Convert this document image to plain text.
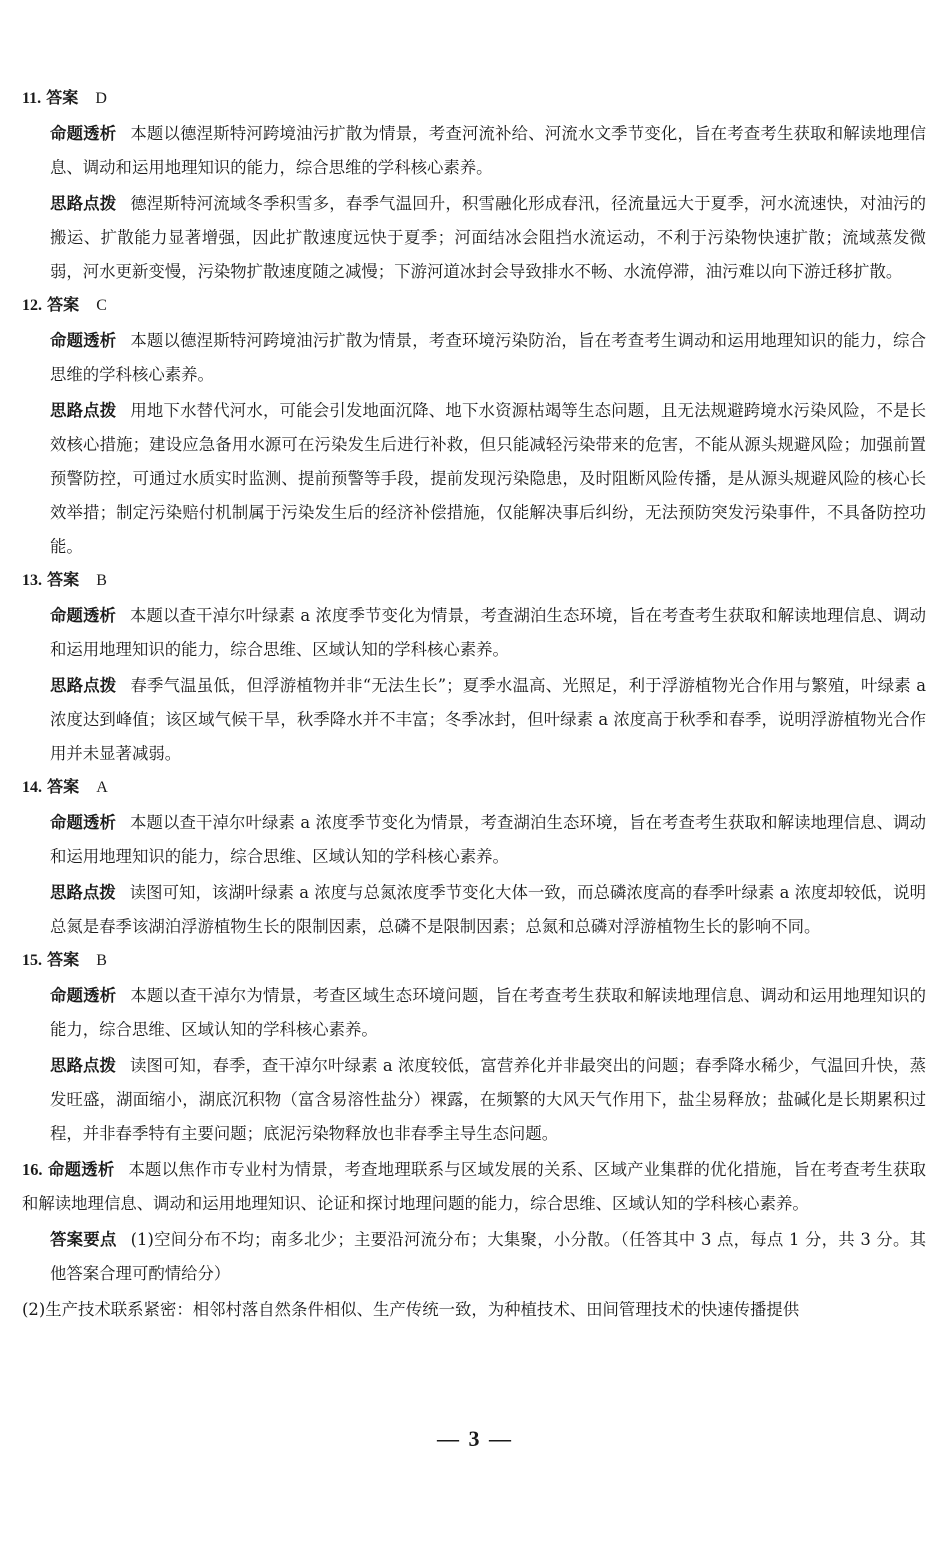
11. 答案 D

命题透析 本题以德涅斯特河跨境油污扩散为情景，考查河流补给、河流水文季节变化，旨在考查考生获取和解读地理信息、调动和运用地理知识的能力，综合思维的学科核心素养。

思路点拨 德涅斯特河流域冬季积雪多，春季气温回升，积雪融化形成春汛，径流量远大于夏季，河水流速快，对油污的搬运、扩散能力显著增强，因此扩散速度远快于夏季；河面结冰会阻挡水流运动，不利于污染物快速扩散；流域蒸发微弱，河水更新变慢，污染物扩散速度随之减慢；下游河道冰封会导致排水不畅、水流停滞，油污难以向下游迁移扩散。

12. 答案 C

命题透析 本题以德涅斯特河跨境油污扩散为情景，考查环境污染防治，旨在考查考生调动和运用地理知识的能力，综合思维的学科核心素养。

思路点拨 用地下水替代河水，可能会引发地面沉降、地下水资源枯竭等生态问题，且无法规避跨境水污染风险，不是长效核心措施；建设应急备用水源可在污染发生后进行补救，但只能减轻污染带来的危害，不能从源头规避风险；加强前置预警防控，可通过水质实时监测、提前预警等手段，提前发现污染隐患，及时阻断风险传播，是从源头规避风险的核心长效举措；制定污染赔付机制属于污染发生后的经济补偿措施，仅能解决事后纠纷，无法预防突发污染事件，不具备防控功能。

13. 答案 B

命题透析 本题以查干淖尔叶绿素 a 浓度季节变化为情景，考查湖泊生态环境，旨在考查考生获取和解读地理信息、调动和运用地理知识的能力，综合思维、区域认知的学科核心素养。

思路点拨 春季气温虽低，但浮游植物并非“无法生长”；夏季水温高、光照足，利于浮游植物光合作用与繁殖，叶绿素 a 浓度达到峰值；该区域气候干旱，秋季降水并不丰富；冬季冰封，但叶绿素 a 浓度高于秋季和春季，说明浮游植物光合作用并未显著减弱。

14. 答案 A

命题透析 本题以查干淖尔叶绿素 a 浓度季节变化为情景，考查湖泊生态环境，旨在考查考生获取和解读地理信息、调动和运用地理知识的能力，综合思维、区域认知的学科核心素养。

思路点拨 读图可知，该湖叶绿素 a 浓度与总氮浓度季节变化大体一致，而总磷浓度高的春季叶绿素 a 浓度却较低，说明总氮是春季该湖泊浮游植物生长的限制因素，总磷不是限制因素；总氮和总磷对浮游植物生长的影响不同。

15. 答案 B

命题透析 本题以查干淖尔为情景，考查区域生态环境问题，旨在考查考生获取和解读地理信息、调动和运用地理知识的能力，综合思维、区域认知的学科核心素养。

思路点拨 读图可知，春季，查干淖尔叶绿素 a 浓度较低，富营养化并非最突出的问题；春季降水稀少，气温回升快，蒸发旺盛，湖面缩小，湖底沉积物（富含易溶性盐分）裸露，在频繁的大风天气作用下，盐尘易释放；盐碱化是长期累积过程，并非春季特有主要问题；底泥污染物释放也非春季主导生态问题。

16. 命题透析 本题以焦作市专业村为情景，考查地理联系与区域发展的关系、区域产业集群的优化措施，旨在考查考生获取和解读地理信息、调动和运用地理知识、论证和探讨地理问题的能力，综合思维、区域认知的学科核心素养。

答案要点 (1)空间分布不均；南多北少；主要沿河流分布；大集聚，小分散。（任答其中 3 点，每点 1 分，共 3 分。其他答案合理可酌情给分）

(2)生产技术联系紧密：相邻村落自然条件相似、生产传统一致，为种植技术、田间管理技术的快速传播提供

— 3 —
